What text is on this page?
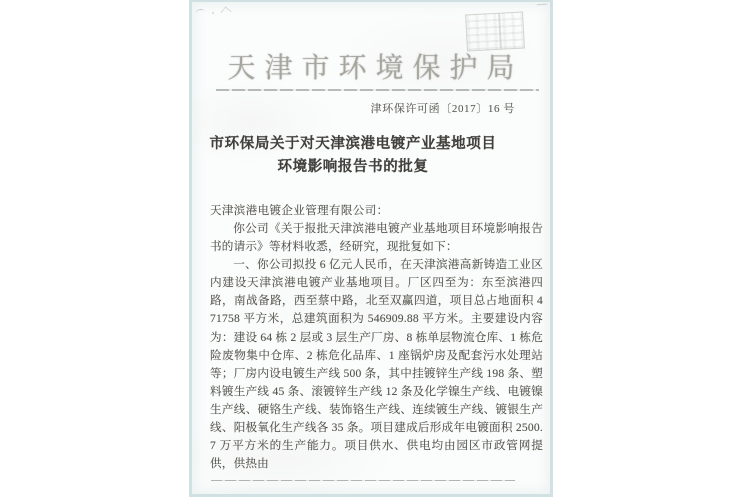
天津市环境保护局
津环保许可函〔2017〕16 号
市环保局关于对天津滨港电镀产业基地项目
环境影响报告书的批复
天津滨港电镀企业管理有限公司：

你公司《关于报批天津滨港电镀产业基地项目环境影响报告书的请示》等材料收悉，经研究，现批复如下：

一、你公司拟投 6 亿元人民币，在天津滨港高新铸造工业区内建设天津滨港电镀产业基地项目。厂区四至为：东至滨港四路，南战备路，西至蔡中路，北至双赢四道，项目总占地面积 471758 平方米，总建筑面积为 546909.88 平方米。主要建设内容为：建设 64 栋 2 层或 3 层生产厂房、8 栋单层物流仓库、1 栋危险废物集中仓库、2 栋危化品库、1 座锅炉房及配套污水处理站等；厂房内设电镀生产线 500 条，其中挂镀锌生产线 198 条、塑料镀生产线 45 条、滚镀锌生产线 12 条及化学镍生产线、电镀镍生产线、硬铬生产线、装饰铬生产线、连续镀生产线、镀银生产线、阳极氧化生产线各 35 条。项目建成后形成年电镀面积 2500.7 万平方米的生产能力。项目供水、供电均由园区市政管网提供，供热由
